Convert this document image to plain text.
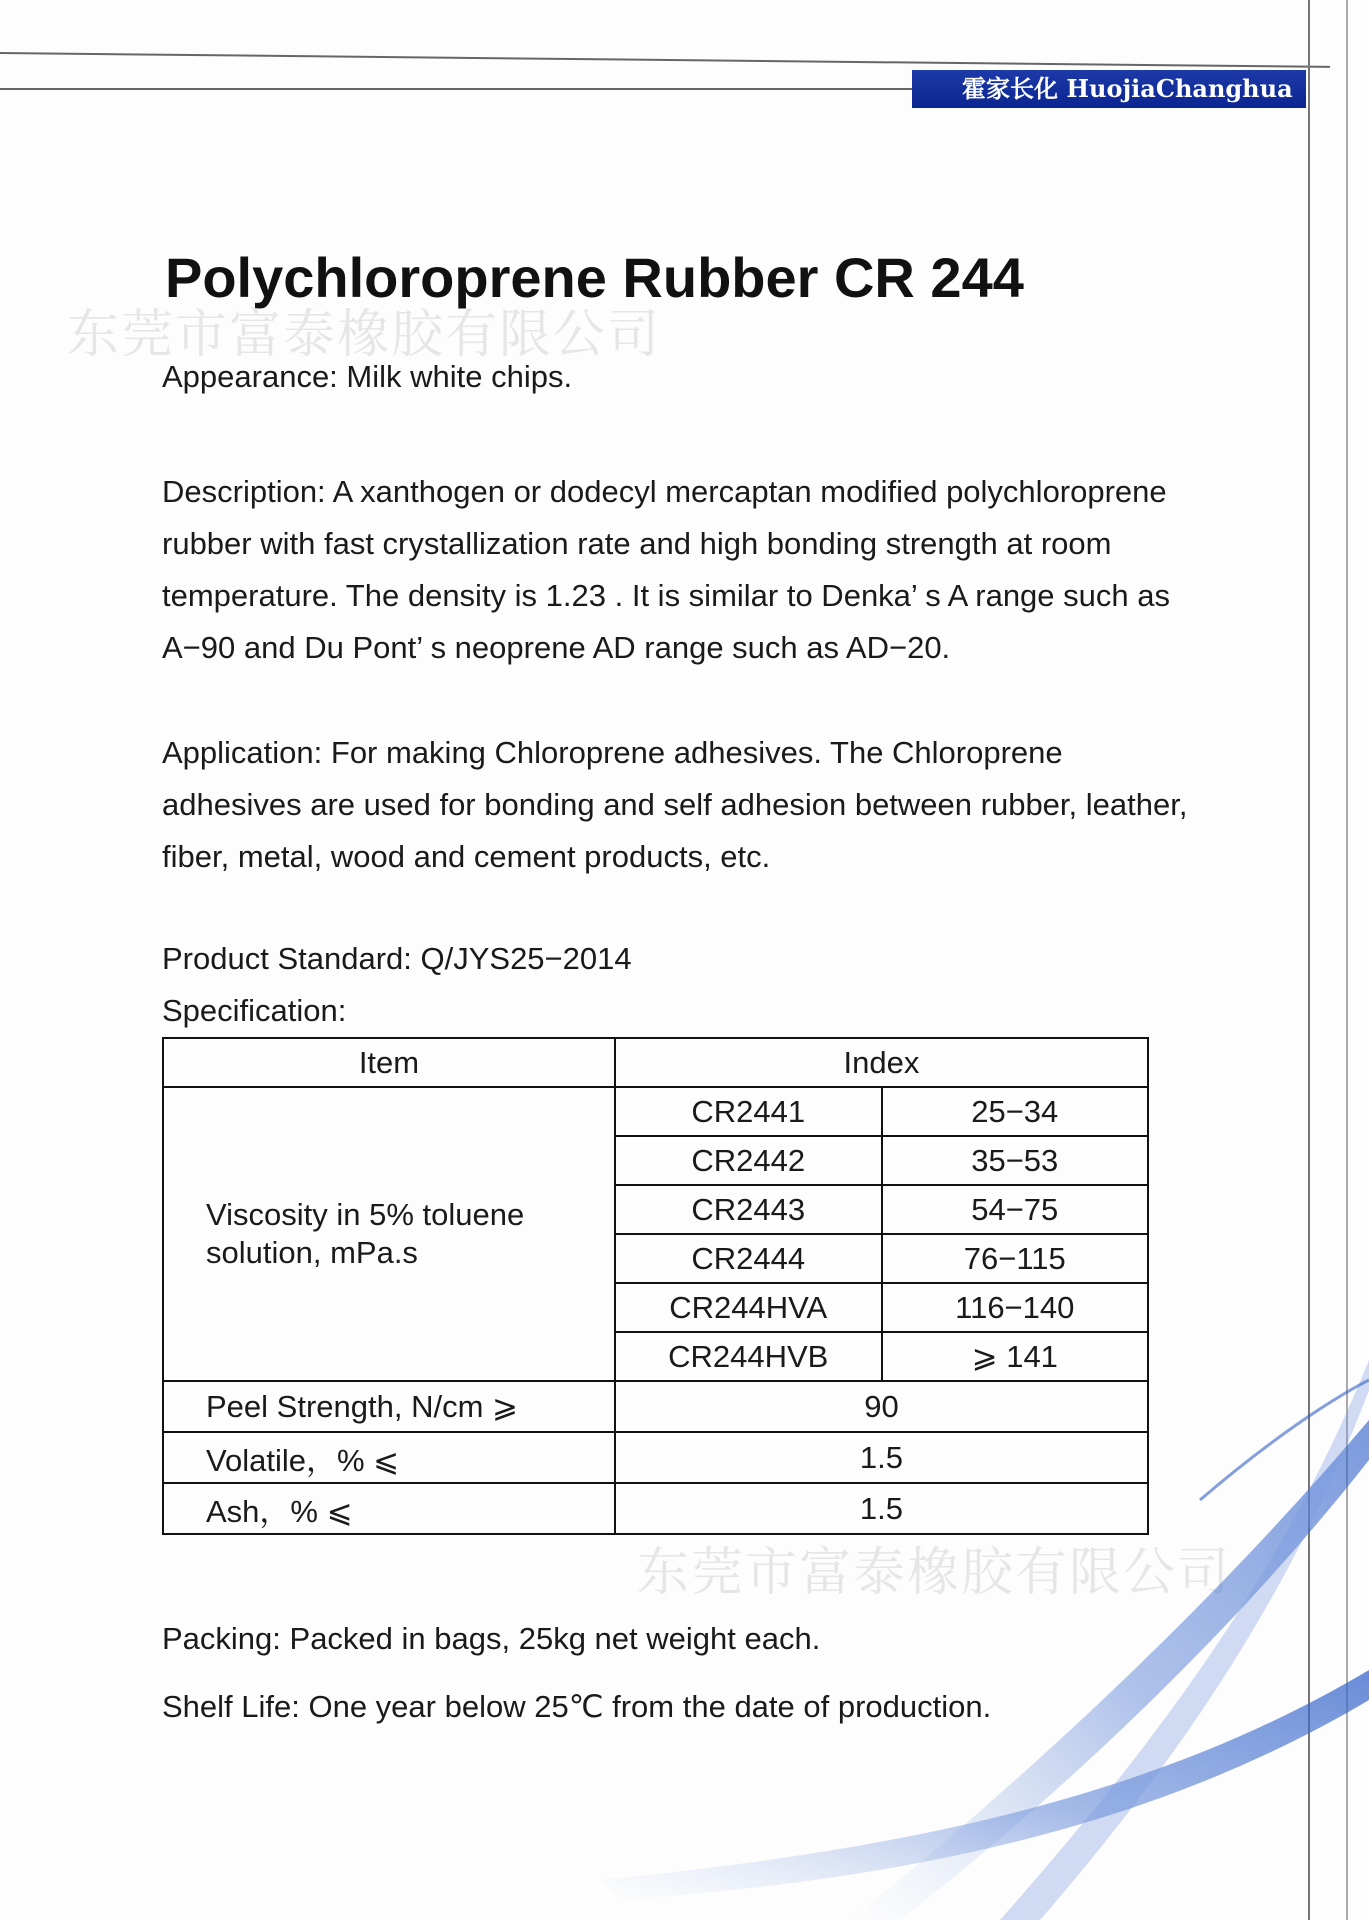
霍家长化 HuojiaChanghua
东莞市富泰橡胶有限公司
Polychloroprene Rubber CR 244
Appearance: Milk white chips.
Description: A xanthogen or dodecyl mercaptan modified polychloroprene
rubber with fast crystallization rate and high bonding strength at room
temperature. The density is 1.23 . It is similar to Denka’ s A range such as
A−90 and Du Pont’ s neoprene AD range such as AD−20.
Application: For making Chloroprene adhesives. The Chloroprene
adhesives are used for bonding and self adhesion between rubber, leather,
fiber, metal, wood and cement products, etc.
Product Standard: Q/JYS25−2014
Specification:
Item	Index	
Viscosity in 5% toluene
solution, mPa.s	CR2441	25−34
	CR2442	35−53
	CR2443	54−75
	CR2444	76−115
	CR244HVA	116−140
	CR244HVB	⩾ 141
Peel Strength, N/cm ⩾	90	
Volatile，% ⩽	1.5	
Ash，% ⩽	1.5	
东莞市富泰橡胶有限公司
Packing: Packed in bags, 25kg net weight each.
Shelf Life: One year below 25℃ from the date of production.
